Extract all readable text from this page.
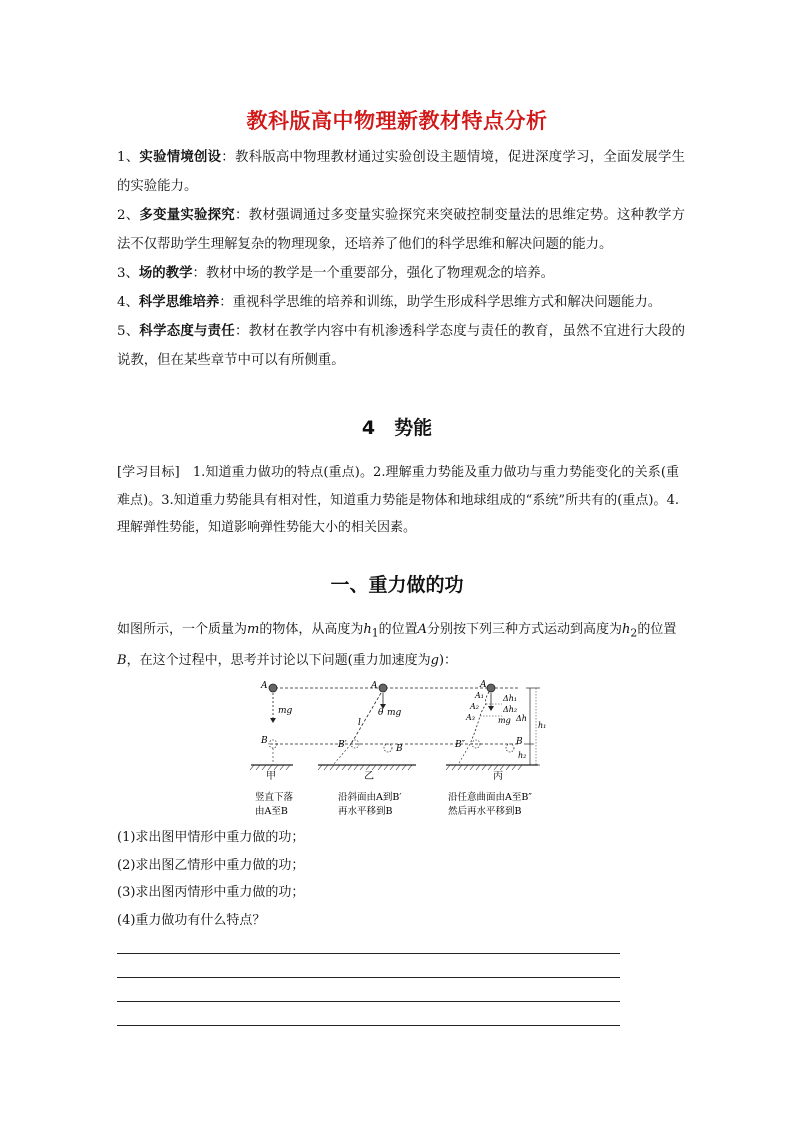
教科版高中物理新教材特点分析

1、实验情境创设：教科版高中物理教材通过实验创设主题情境，促进深度学习，全面发展学生的实验能力。

2、多变量实验探究：教材强调通过多变量实验探究来突破控制变量法的思维定势。这种教学方法不仅帮助学生理解复杂的物理现象，还培养了他们的科学思维和解决问题的能力。

3、场的教学：教材中场的教学是一个重要部分，强化了物理观念的培养。

4、科学思维培养：重视科学思维的培养和训练，助学生形成科学思维方式和解决问题能力。

5、科学态度与责任：教材在教学内容中有机渗透科学态度与责任的教育，虽然不宜进行大段的说教，但在某些章节中可以有所侧重。

4　势能
[学习目标]　1.知道重力做功的特点(重点)。2.理解重力势能及重力做功与重力势能变化的关系(重难点)。3.知道重力势能具有相对性，知道重力势能是物体和地球组成的“系统”所共有的(重点)。4.理解弹性势能，知道影响弹性势能大小的相关因素。
一、重力做的功
如图所示，一个质量为m的物体，从高度为$h_1$的位置A分别按下列三种方式运动到高度为$h_2$的位置B，在这个过程中，思考并讨论以下问题(重力加速度为g)：
A
mg
B
甲
竖直下落
由A至B
A
θ mg
l
B′	B
乙
沿斜面由A到B′
再水平移到B
A
A₁
A₂
A₃
Δh₁
Δh₂
mg
B″	B
Δh
h₁
h₂
丙
沿任意曲面由A至B″
然后再水平移到B
(1)求出图甲情形中重力做的功；
(2)求出图乙情形中重力做的功；
(3)求出图丙情形中重力做的功；
(4)重力做功有什么特点？
